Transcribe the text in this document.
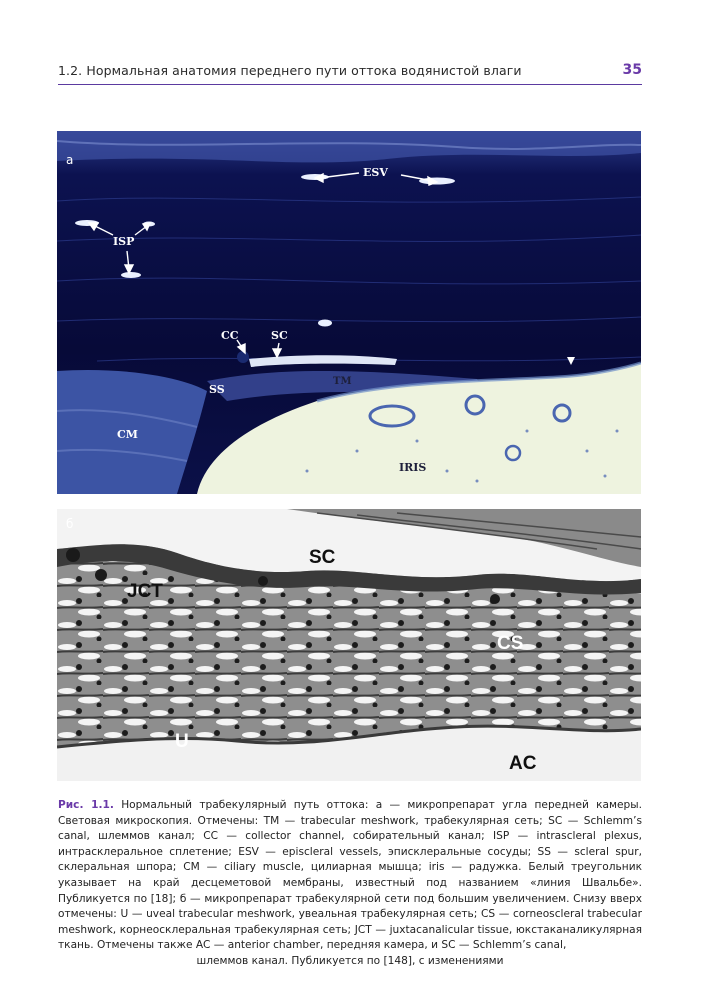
1.2. Нормальная анатомия переднего пути оттока водянистой влаги	35
а
ESV
ISP
CC	SC
SS
TM
CM
IRIS
б
SC
JCT
CS
U
AC
Рис. 1.1. Нормальный трабекулярный путь оттока: а — микропрепарат угла передней камеры. Световая микроскопия. Отмечены: TM — trabecular meshwork, трабекулярная сеть; SC — Schlemm’s canal, шлеммов канал; CC — collector channel, собирательный канал; ISP — intrascleral plexus, интрасклеральное сплетение; ESV — episcleral vessels, эписклеральные сосуды; SS — scleral spur, склеральная шпора; CM — ciliary muscle, цилиарная мышца; iris — радужка. Белый треугольник указывает на край десцеметовой мембраны, известный под названием «линия Швальбе». Публикуется по [18]; б — микропрепарат трабекулярной сети под большим увеличением. Снизу вверх отмечены: U — uveal trabecular meshwork, увеальная трабекулярная сеть; CS — corneoscleral trabecular meshwork, корнеосклеральная трабекулярная сеть; JCT — juxtacanalicular tissue, юкстаканаликулярная ткань. Отмечены также AC — anterior chamber, передняя камера, и SC — Schlemm’s canal,
шлеммов канал. Публикуется по [148], с изменениями
